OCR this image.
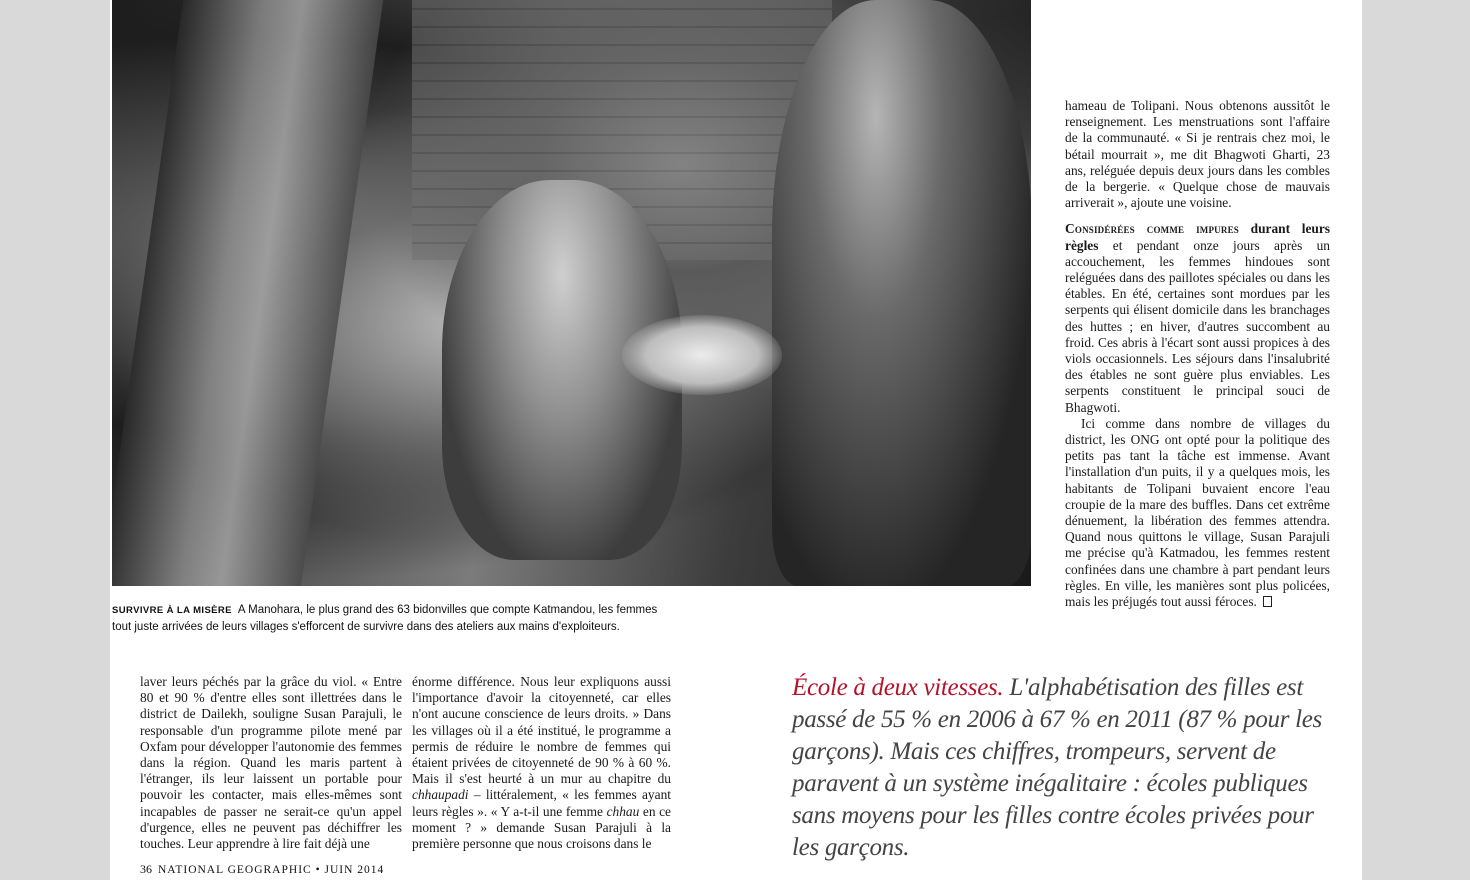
SURVIVRE À LA MISÈRE A Manohara, le plus grand des 63 bidonvilles que compte Katmandou, les femmes tout juste arrivées de leurs villages s'efforcent de survivre dans des ateliers aux mains d'exploiteurs.

hameau de Tolipani. Nous obtenons aussitôt le renseignement. Les menstruations sont l'affaire de la communauté. « Si je rentrais chez moi, le bétail mourrait », me dit Bhagwoti Gharti, 23 ans, reléguée depuis deux jours dans les combles de la bergerie. « Quelque chose de mauvais arriverait », ajoute une voisine.

Considérées comme impures durant leurs règles et pendant onze jours après un accouchement, les femmes hindoues sont reléguées dans des paillotes spéciales ou dans les étables. En été, certaines sont mordues par les serpents qui élisent domicile dans les branchages des huttes ; en hiver, d'autres succombent au froid. Ces abris à l'écart sont aussi propices à des viols occasionnels. Les séjours dans l'insalubrité des étables ne sont guère plus enviables. Les serpents constituent le principal souci de Bhagwoti.

Ici comme dans nombre de villages du district, les ONG ont opté pour la politique des petits pas tant la tâche est immense. Avant l'installation d'un puits, il y a quelques mois, les habitants de Tolipani buvaient encore l'eau croupie de la mare des buffles. Dans cet extrême dénuement, la libération des femmes attendra. Quand nous quittons le village, Susan Parajuli me précise qu'à Katmadou, les femmes restent confinées dans une chambre à part pendant leurs règles. En ville, les manières sont plus policées, mais les préjugés tout aussi féroces.

laver leurs péchés par la grâce du viol. « Entre 80 et 90 % d'entre elles sont illettrées dans le district de Dailekh, souligne Susan Parajuli, le responsable d'un programme pilote mené par Oxfam pour développer l'autonomie des femmes dans la région. Quand les maris partent à l'étranger, ils leur laissent un portable pour pouvoir les contacter, mais elles-mêmes sont incapables de passer ne serait-ce qu'un appel d'urgence, elles ne peuvent pas déchiffrer les touches. Leur apprendre à lire fait déjà une

énorme différence. Nous leur expliquons aussi l'importance d'avoir la citoyenneté, car elles n'ont aucune conscience de leurs droits. » Dans les villages où il a été institué, le programme a permis de réduire le nombre de femmes qui étaient privées de citoyenneté de 90 % à 60 %. Mais il s'est heurté à un mur au chapitre du chhaupadi – littéralement, « les femmes ayant leurs règles ». « Y a-t-il une femme chhau en ce moment ? » demande Susan Parajuli à la première personne que nous croisons dans le

École à deux vitesses. L'alphabétisation des filles est passé de 55 % en 2006 à 67 % en 2011 (87 % pour les garçons). Mais ces chiffres, trompeurs, servent de paravent à un système inégalitaire : écoles publiques sans moyens pour les filles contre écoles privées pour les garçons.
36 NATIONAL GEOGRAPHIC • JUIN 2014
